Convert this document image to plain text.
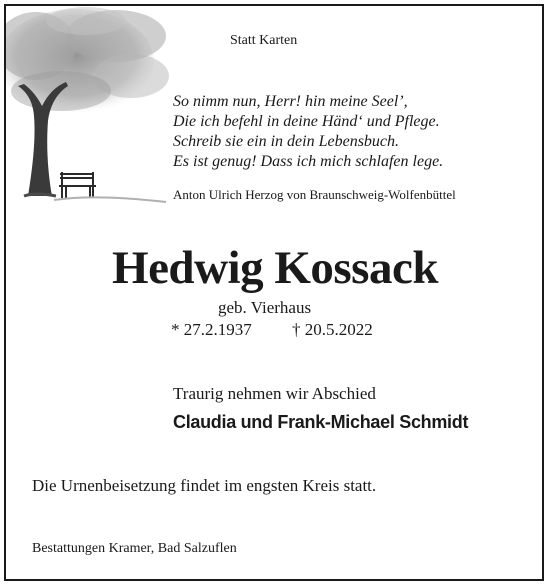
Statt Karten
So nimm nun, Herr! hin meine Seel’,
Die ich befehl in deine Händ‘ und Pflege.
Schreib sie ein in dein Lebensbuch.
Es ist genug! Dass ich mich schlafen lege.
Anton Ulrich Herzog von Braunschweig-Wolfenbüttel
Hedwig Kossack
geb. Vierhaus
* 27.2.1937 † 20.5.2022
Traurig nehmen wir Abschied
Claudia und Frank-Michael Schmidt
Die Urnenbeisetzung findet im engsten Kreis statt.
Bestattungen Kramer, Bad Salzuflen
